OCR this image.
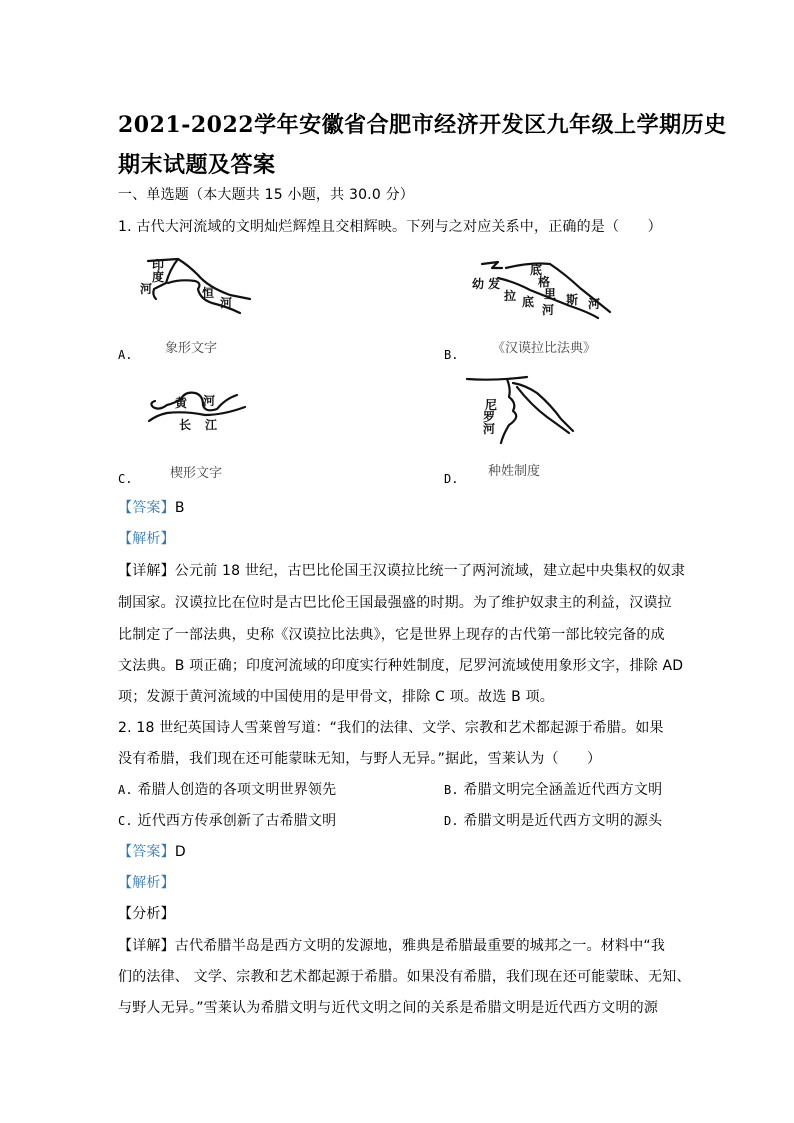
2021-2022学年安徽省合肥市经济开发区九年级上学期历史
期末试题及答案
一、单选题（本大题共 15 小题，共 30.0 分）
1. 古代大河流域的文明灿烂辉煌且交相辉映。下列与之对应关系中，正确的是（　　）
印
度
河	恒
河
象形文字
A.
底
格
里 斯 河
幼 发
拉 底
河
《汉谟拉比法典》
B.
黄 河
长 江
楔形文字
C.
尼
罗
河
种姓制度
D.
【答案】B
【解析】
【详解】公元前 18 世纪，古巴比伦国王汉谟拉比统一了两河流域，建立起中央集权的奴隶
制国家。汉谟拉比在位时是古巴比伦王国最强盛的时期。为了维护奴隶主的利益，汉谟拉
比制定了一部法典，史称《汉谟拉比法典》，它是世界上现存的古代第一部比较完备的成
文法典。B 项正确；印度河流域的印度实行种姓制度，尼罗河流域使用象形文字，排除 AD
项；发源于黄河流域的中国使用的是甲骨文，排除 C 项。故选 B 项。
2. 18 世纪英国诗人雪莱曾写道：“我们的法律、文学、宗教和艺术都起源于希腊。如果
没有希腊，我们现在还可能蒙昧无知，与野人无异。”据此，雪莱认为（　　）
A. 希腊人创造的各项文明世界领先	B. 希腊文明完全涵盖近代西方文明
C. 近代西方传承创新了古希腊文明	D. 希腊文明是近代西方文明的源头
【答案】D
【解析】
【分析】
【详解】古代希腊半岛是西方文明的发源地，雅典是希腊最重要的城邦之一。材料中“我
们的法律、 文学、宗教和艺术都起源于希腊。如果没有希腊，我们现在还可能蒙昧、无知、
与野人无异。”雪莱认为希腊文明与近代文明之间的关系是希腊文明是近代西方文明的源
